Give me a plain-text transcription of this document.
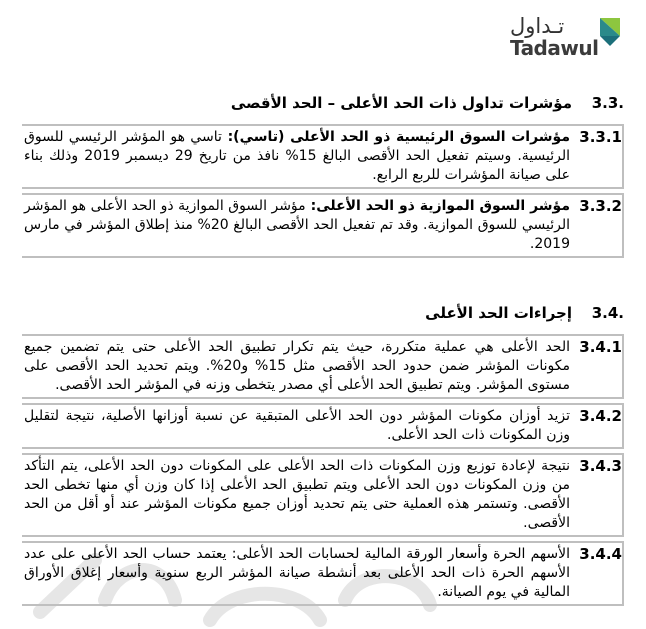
تـداول
Tadawul
3.3.
مؤشرات تداول ذات الحد الأعلى – الحد الأقصى
3.3.1
مؤشرات السوق الرئيسية ذو الحد الأعلى (تاسي): تاسي هو المؤشر الرئيسي للسوق الرئيسية. وسيتم تفعيل الحد الأقصى البالغ 15% نافذ من تاريخ 29 ديسمبر 2019 وذلك بناء على صيانة المؤشرات للربع الرابع.
3.3.2
مؤشر السوق الموازية ذو الحد الأعلى: مؤشر السوق الموازية ذو الحد الأعلى هو المؤشر الرئيسي للسوق الموازية. وقد تم تفعيل الحد الأقصى البالغ 20% منذ إطلاق المؤشر في مارس 2019.
3.4.
إجراءات الحد الأعلى
3.4.1
الحد الأعلى هي عملية متكررة، حيث يتم تكرار تطبيق الحد الأعلى حتى يتم تضمين جميع مكونات المؤشر ضمن حدود الحد الأقصى مثل 15% و20%. ويتم تحديد الحد الأقصى على مستوى المؤشر. ويتم تطبيق الحد الأعلى أي مصدر يتخطى وزنه في المؤشر الحد الأقصى.
3.4.2
تزيد أوزان مكونات المؤشر دون الحد الأعلى المتبقية عن نسبة أوزانها الأصلية، نتيجة لتقليل وزن المكونات ذات الحد الأعلى.
3.4.3
نتيجة لإعادة توزيع وزن المكونات ذات الحد الأعلى على المكونات دون الحد الأعلى، يتم التأكد من وزن المكونات دون الحد الأعلى ويتم تطبيق الحد الأعلى إذا كان وزن أي منها تخطى الحد الأقصى. وتستمر هذه العملية حتى يتم تحديد أوزان جميع مكونات المؤشر عند أو أقل من الحد الأقصى.
3.4.4
الأسهم الحرة وأسعار الورقة المالية لحسابات الحد الأعلى: يعتمد حساب الحد الأعلى على عدد الأسهم الحرة ذات الحد الأعلى بعد أنشطة صيانة المؤشر الربع سنوية وأسعار إغلاق الأوراق المالية في يوم الصيانة.
